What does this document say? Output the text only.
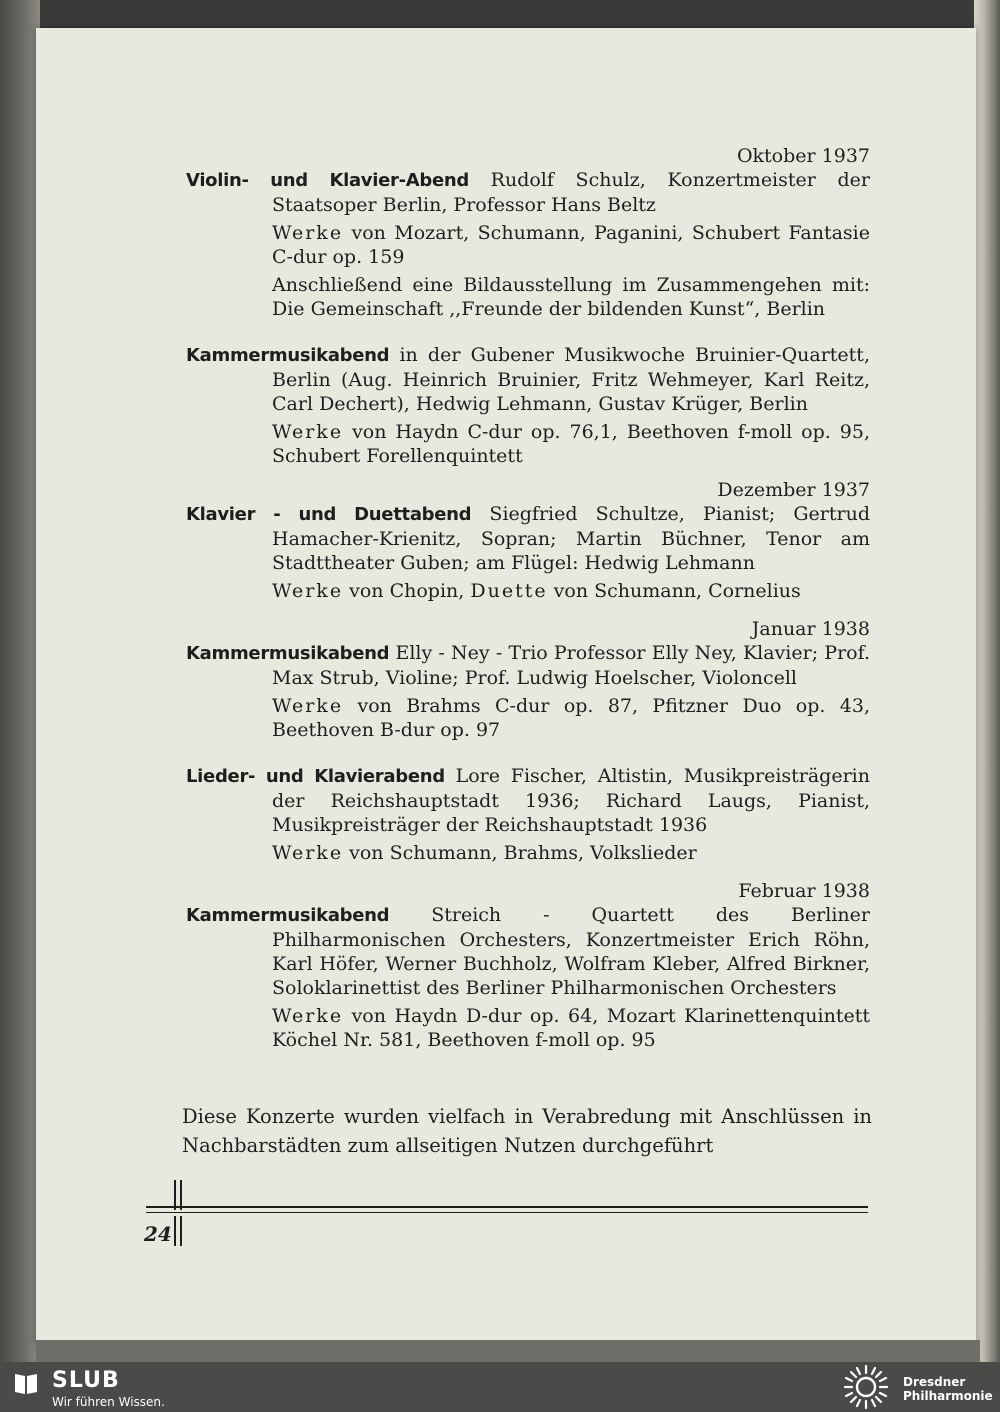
Oktober 1937
Violin- und Klavier-Abend Rudolf Schulz, Konzertmeister der Staatsoper Berlin, Professor Hans Beltz
Werke von Mozart, Schumann, Paganini, Schubert Fantasie C-dur op. 159
Anschließend eine Bildausstellung im Zusammengehen mit: Die Gemeinschaft ,,Freunde der bildenden Kunst“, Berlin
Kammermusikabend in der Gubener Musikwoche Bruinier-Quartett, Berlin (Aug. Heinrich Bruinier, Fritz Wehmeyer, Karl Reitz, Carl Dechert), Hedwig Lehmann, Gustav Krüger, Berlin
Werke von Haydn C-dur op. 76,1, Beethoven f-moll op. 95, Schubert Forellenquintett
Dezember 1937
Klavier - und Duettabend Siegfried Schultze, Pianist; Gertrud Hamacher-Krienitz, Sopran; Martin Büchner, Tenor am Stadttheater Guben; am Flügel: Hedwig Lehmann
Werke von Chopin, Duette von Schumann, Cornelius
Januar 1938
Kammermusikabend Elly - Ney - Trio Professor Elly Ney, Klavier; Prof. Max Strub, Violine; Prof. Ludwig Hoelscher, Violoncell
Werke von Brahms C-dur op. 87, Pfitzner Duo op. 43, Beethoven B-dur op. 97
Lieder- und Klavierabend Lore Fischer, Altistin, Musikpreisträgerin der Reichshauptstadt 1936; Richard Laugs, Pianist, Musikpreisträger der Reichshauptstadt 1936
Werke von Schumann, Brahms, Volkslieder
Februar 1938
Kammermusikabend Streich - Quartett des Berliner Philharmonischen Orchesters, Konzertmeister Erich Röhn, Karl Höfer, Werner Buchholz, Wolfram Kleber, Alfred Birkner, Soloklarinettist des Berliner Philharmonischen Orchesters
Werke von Haydn D-dur op. 64, Mozart Klarinettenquintett Köchel Nr. 581, Beethoven f-moll op. 95
Diese Konzerte wurden vielfach in Verabredung mit Anschlüssen in Nachbarstädten zum allseitigen Nutzen durchgeführt
24
SLUB
Wir führen Wissen.
Dresdner
Philharmonie
